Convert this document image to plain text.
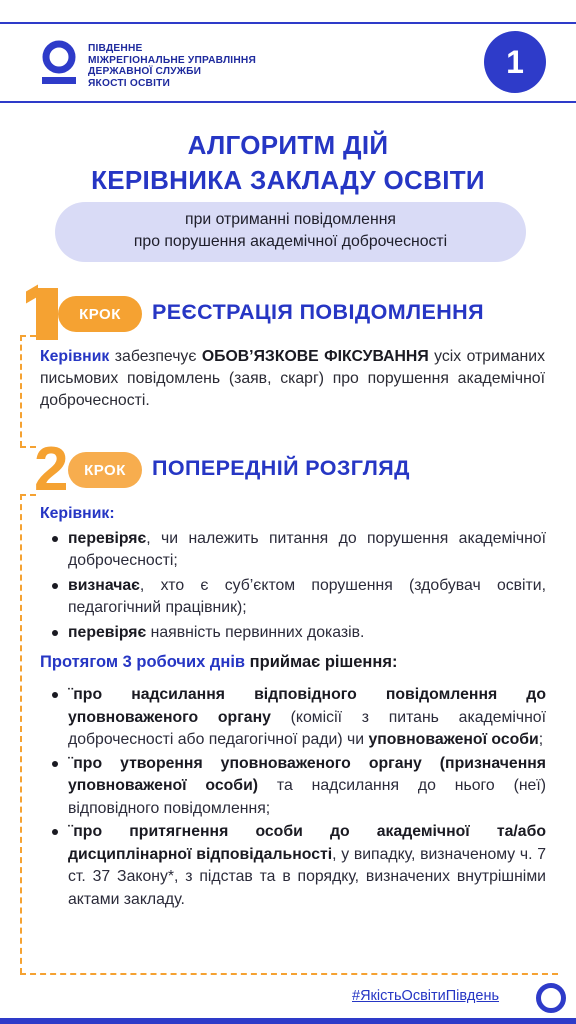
ПІВДЕННЕ
МІЖРЕГІОНАЛЬНЕ УПРАВЛІННЯ
ДЕРЖАВНОЇ СЛУЖБИ
ЯКОСТІ ОСВІТИ
1
АЛГОРИТМ ДІЙ
КЕРІВНИКА ЗАКЛАДУ ОСВІТИ
при отриманні повідомлення
про порушення академічної доброчесності
КРОК	РЕЄСТРАЦІЯ ПОВІДОМЛЕННЯ
Керівник забезпечує ОБОВ’ЯЗКОВЕ ФІКСУВАННЯ усіх отриманих письмових повідомлень (заяв, скарг) про порушення академічної доброчесності.
2	КРОК	ПОПЕРЕДНІЙ РОЗГЛЯД
Керівник:
перевіряє, чи належить питання до порушення академічної доброчесності;
визначає, хто є суб’єктом порушення (здобувач освіти, педагогічний працівник);
перевіряє наявність первинних доказів.
Протягом 3 робочих днів приймає рішення:
¨про надсилання відповідного повідомлення до уповноваженого органу (комісії з питань академічної доброчесності або педагогічної ради) чи уповноваженої особи;
¨про утворення уповноваженого органу (призначення уповноваженої особи) та надсилання до нього (неї) відповідного повідомлення;
¨про притягнення особи до академічної та/або дисциплінарної відповідальності, у випадку, визначеному ч. 7 ст. 37 Закону*, з підстав та в порядку, визначених внутрішніми актами закладу.
#ЯкістьОсвітиПівдень
